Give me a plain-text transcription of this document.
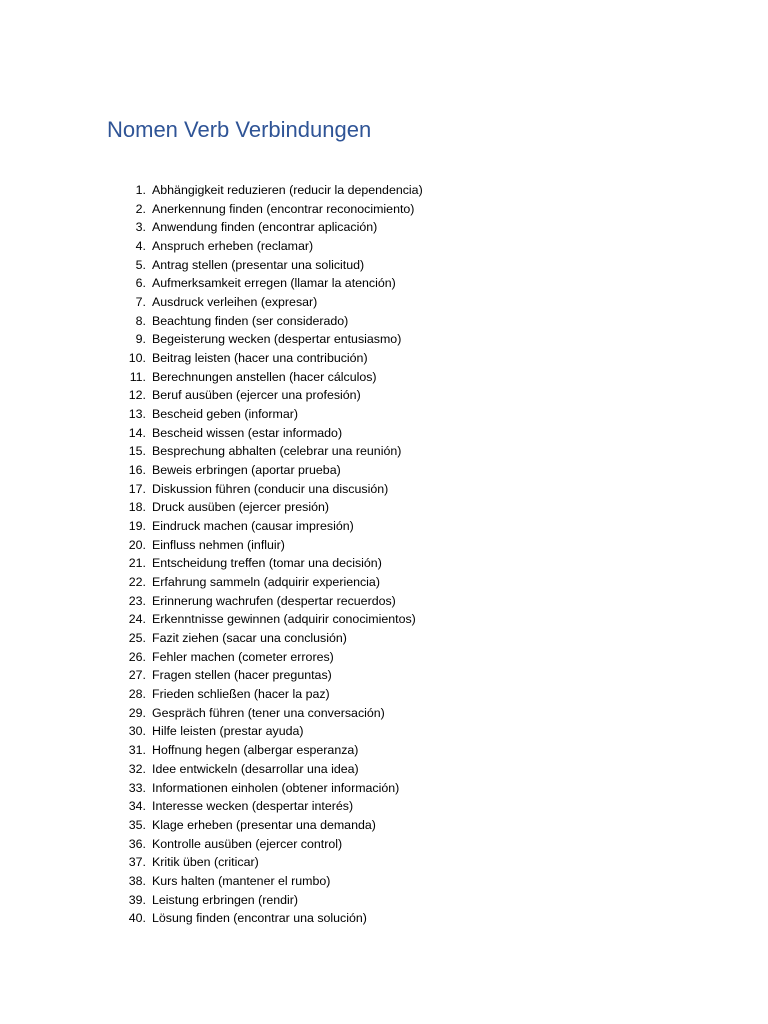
Nomen Verb Verbindungen
1. Abhängigkeit reduzieren (reducir la dependencia)
2. Anerkennung finden (encontrar reconocimiento)
3. Anwendung finden (encontrar aplicación)
4. Anspruch erheben (reclamar)
5. Antrag stellen (presentar una solicitud)
6. Aufmerksamkeit erregen (llamar la atención)
7. Ausdruck verleihen (expresar)
8. Beachtung finden (ser considerado)
9. Begeisterung wecken (despertar entusiasmo)
10. Beitrag leisten (hacer una contribución)
11. Berechnungen anstellen (hacer cálculos)
12. Beruf ausüben (ejercer una profesión)
13. Bescheid geben (informar)
14. Bescheid wissen (estar informado)
15. Besprechung abhalten (celebrar una reunión)
16. Beweis erbringen (aportar prueba)
17. Diskussion führen (conducir una discusión)
18. Druck ausüben (ejercer presión)
19. Eindruck machen (causar impresión)
20. Einfluss nehmen (influir)
21. Entscheidung treffen (tomar una decisión)
22. Erfahrung sammeln (adquirir experiencia)
23. Erinnerung wachrufen (despertar recuerdos)
24. Erkenntnisse gewinnen (adquirir conocimientos)
25. Fazit ziehen (sacar una conclusión)
26. Fehler machen (cometer errores)
27. Fragen stellen (hacer preguntas)
28. Frieden schließen (hacer la paz)
29. Gespräch führen (tener una conversación)
30. Hilfe leisten (prestar ayuda)
31. Hoffnung hegen (albergar esperanza)
32. Idee entwickeln (desarrollar una idea)
33. Informationen einholen (obtener información)
34. Interesse wecken (despertar interés)
35. Klage erheben (presentar una demanda)
36. Kontrolle ausüben (ejercer control)
37. Kritik üben (criticar)
38. Kurs halten (mantener el rumbo)
39. Leistung erbringen (rendir)
40. Lösung finden (encontrar una solución)
